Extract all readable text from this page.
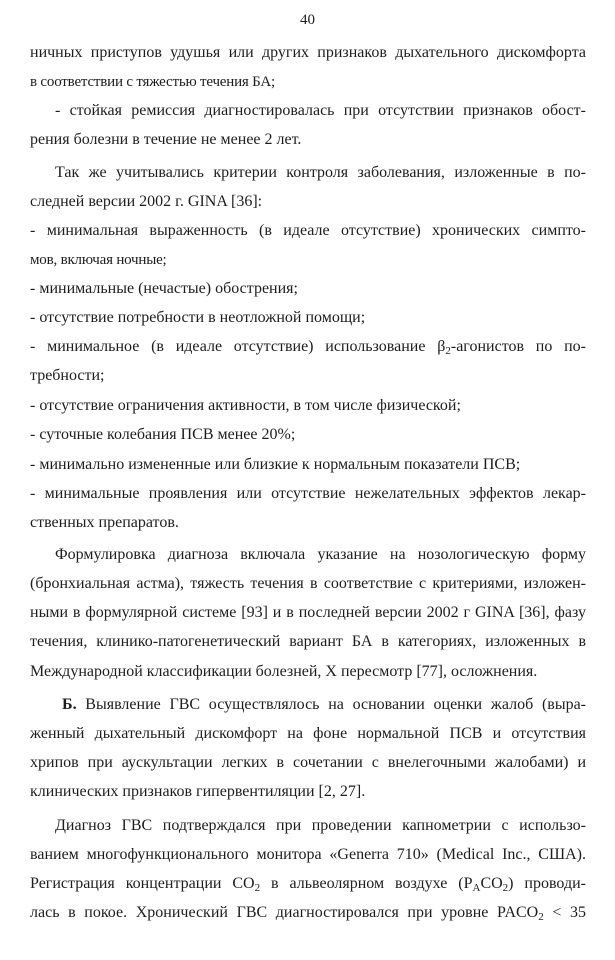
40
ничных приступов удушья или других признаков дыхательного дискомфорта
в соответствии с тяжестью течения БА;
- стойкая ремиссия диагностировалась при отсутствии признаков обост-
рения болезни в течение не менее 2 лет.
Так же учитывались критерии контроля заболевания, изложенные в по-
следней версии 2002 г. GINA [36]:
- минимальная выраженность (в идеале отсутствие) хронических симпто-
мов, включая ночные;
- минимальные (нечастые) обострения;
- отсутствие потребности в неотложной помощи;
- минимальное (в идеале отсутствие) использование $\beta_2$-агонистов по по-
требности;
- отсутствие ограничения активности, в том числе физической;
- суточные колебания ПСВ менее 20%;
- минимально измененные или близкие к нормальным показатели ПСВ;
- минимальные проявления или отсутствие нежелательных эффектов лекар-
ственных препаратов.
Формулировка диагноза включала указание на нозологическую форму
(бронхиальная астма), тяжесть течения в соответствие с критериями, изложен-
ными в формулярной системе [93] и в последней версии 2002 г GINA [36], фазу
течения, клинико-патогенетический вариант БА в категориях, изложенных в
Международной классификации болезней, X пересмотр [77], осложнения.
Б. Выявление ГВС осуществлялось на основании оценки жалоб (выра-
женный дыхательный дискомфорт на фоне нормальной ПСВ и отсутствия
хрипов при аускультации легких в сочетании с внелегочными жалобами) и
клинических признаков гипервентиляции [2, 27].
Диагноз ГВС подтверждался при проведении капнометрии с использо-
ванием многофункционального монитора «Generra 710» (Medical Inc., США).
Регистрация концентрации $CO_2$ в альвеолярном воздухе $(P_ACO_2)$ проводи-
лась в покое. Хронический ГВС диагностировался при уровне $PACO_2 < 35$
